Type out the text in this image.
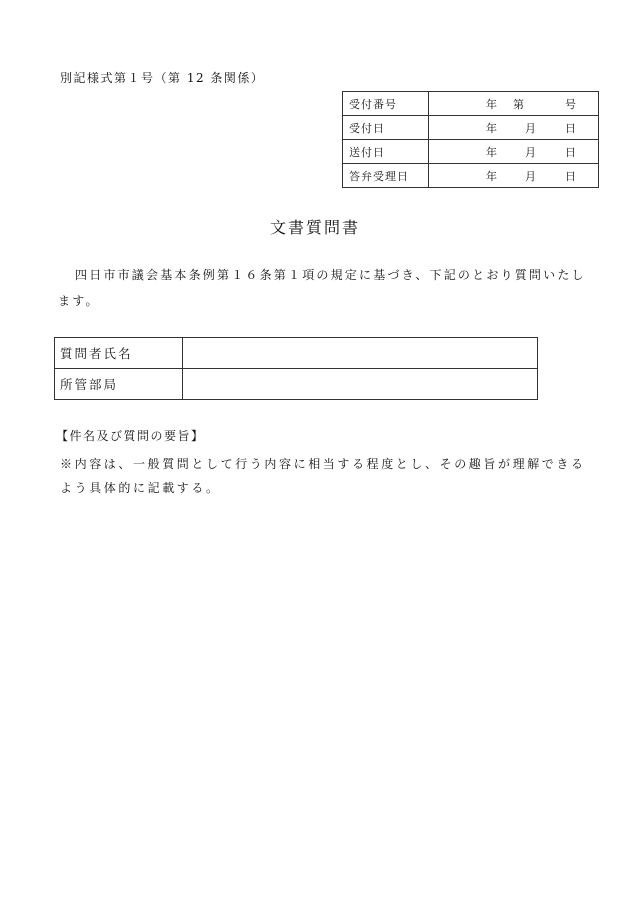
別記様式第１号（第 12 条関係）
受付番号	年 第 号

受付日	年 月 日

送付日	年 月 日

答弁受理日	年 月 日
文書質問書
四日市市議会基本条例第１６条第１項の規定に基づき、下記のとおり質問いたします。
質問者氏名	
所管部局	
【件名及び質問の要旨】
※内容は、一般質問として行う内容に相当する程度とし、その趣旨が理解できるよう具体的に記載する。
